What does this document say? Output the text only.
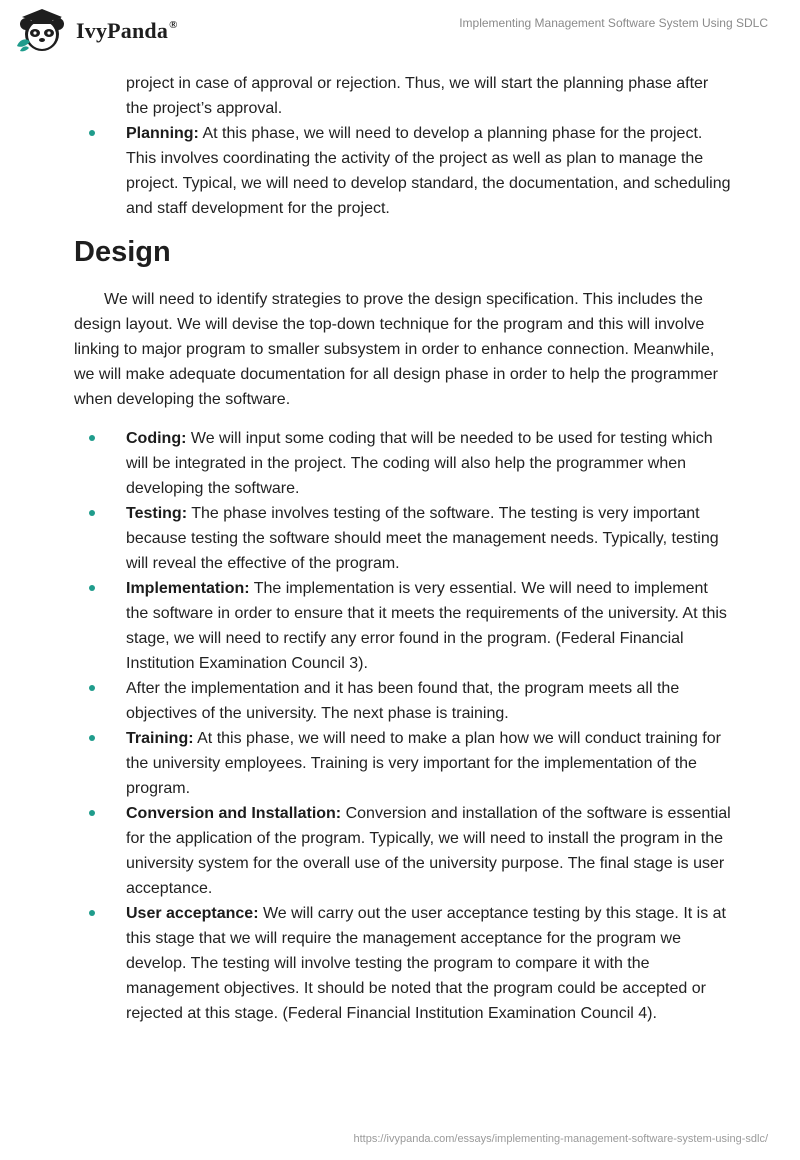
IvyPanda®	Implementing Management Software System Using SDLC
project in case of approval or rejection. Thus, we will start the planning phase after the project’s approval.
Planning: At this phase, we will need to develop a planning phase for the project. This involves coordinating the activity of the project as well as plan to manage the project. Typical, we will need to develop standard, the documentation, and scheduling and staff development for the project.
Design
We will need to identify strategies to prove the design specification. This includes the design layout. We will devise the top-down technique for the program and this will involve linking to major program to smaller subsystem in order to enhance connection. Meanwhile, we will make adequate documentation for all design phase in order to help the programmer when developing the software.
Coding: We will input some coding that will be needed to be used for testing which will be integrated in the project. The coding will also help the programmer when developing the software.
Testing: The phase involves testing of the software. The testing is very important because testing the software should meet the management needs. Typically, testing will reveal the effective of the program.
Implementation: The implementation is very essential. We will need to implement the software in order to ensure that it meets the requirements of the university. At this stage, we will need to rectify any error found in the program. (Federal Financial Institution Examination Council 3).
After the implementation and it has been found that, the program meets all the objectives of the university. The next phase is training.
Training: At this phase, we will need to make a plan how we will conduct training for the university employees. Training is very important for the implementation of the program.
Conversion and Installation: Conversion and installation of the software is essential for the application of the program. Typically, we will need to install the program in the university system for the overall use of the university purpose. The final stage is user acceptance.
User acceptance: We will carry out the user acceptance testing by this stage. It is at this stage that we will require the management acceptance for the program we develop. The testing will involve testing the program to compare it with the management objectives. It should be noted that the program could be accepted or rejected at this stage. (Federal Financial Institution Examination Council 4).
https://ivypanda.com/essays/implementing-management-software-system-using-sdlc/
